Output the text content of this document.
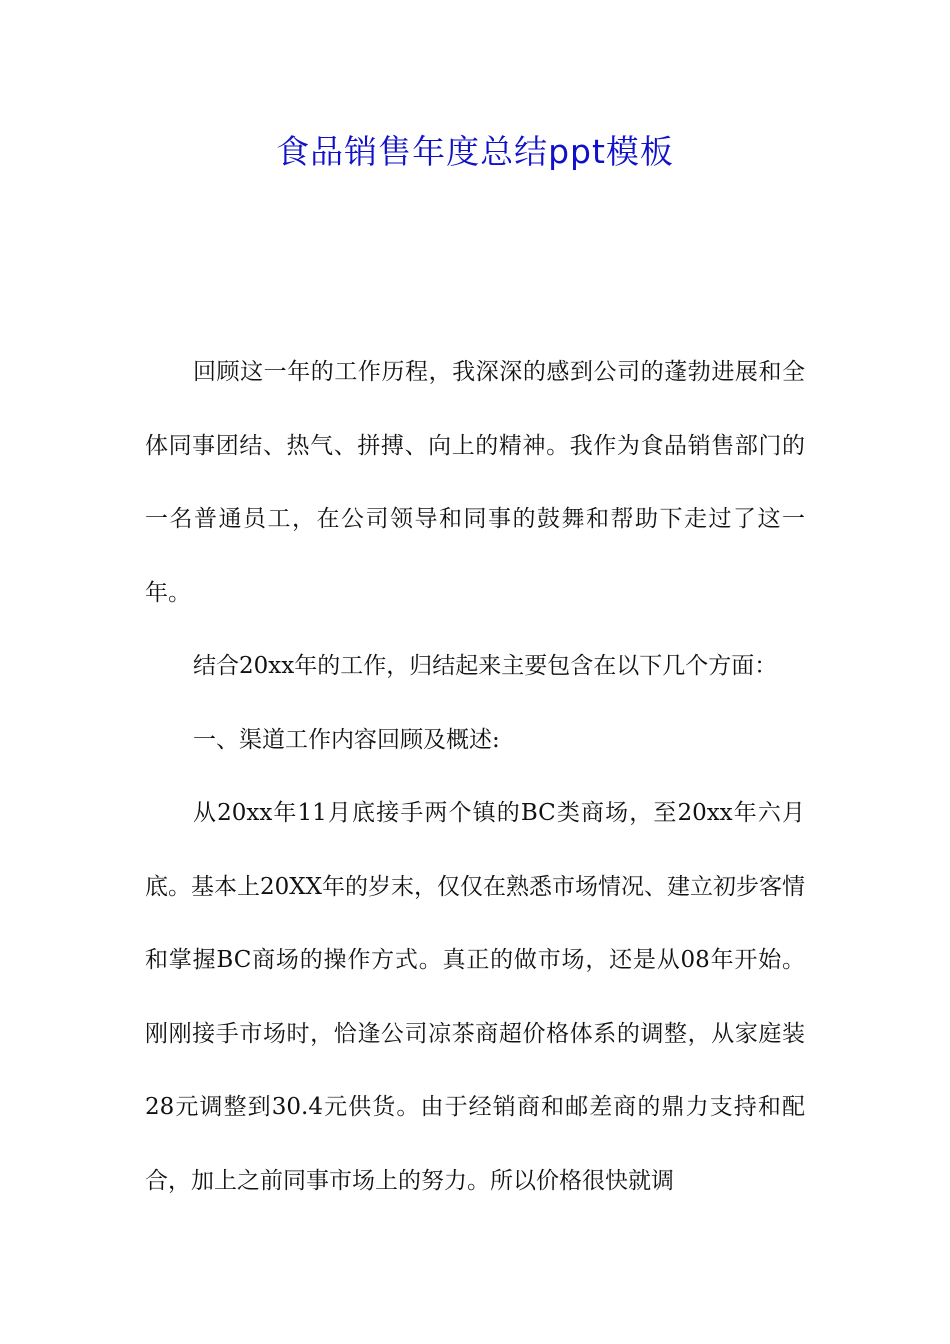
食品销售年度总结ppt模板

回顾这一年的工作历程，我深深的感到公司的蓬勃进展和全体同事团结、热气、拼搏、向上的精神。我作为食品销售部门的一名普通员工，在公司领导和同事的鼓舞和帮助下走过了这一年。

结合20xx年的工作，归结起来主要包含在以下几个方面：

一、渠道工作内容回顾及概述:

从20xx年11月底接手两个镇的BC类商场，至20xx年六月底。基本上20XX年的岁末，仅仅在熟悉市场情况、建立初步客情和掌握BC商场的操作方式。真正的做市场，还是从08年开始。刚刚接手市场时，恰逢公司凉茶商超价格体系的调整，从家庭装28元调整到30.4元供货。由于经销商和邮差商的鼎力支持和配合，加上之前同事市场上的努力。所以价格很快就调
